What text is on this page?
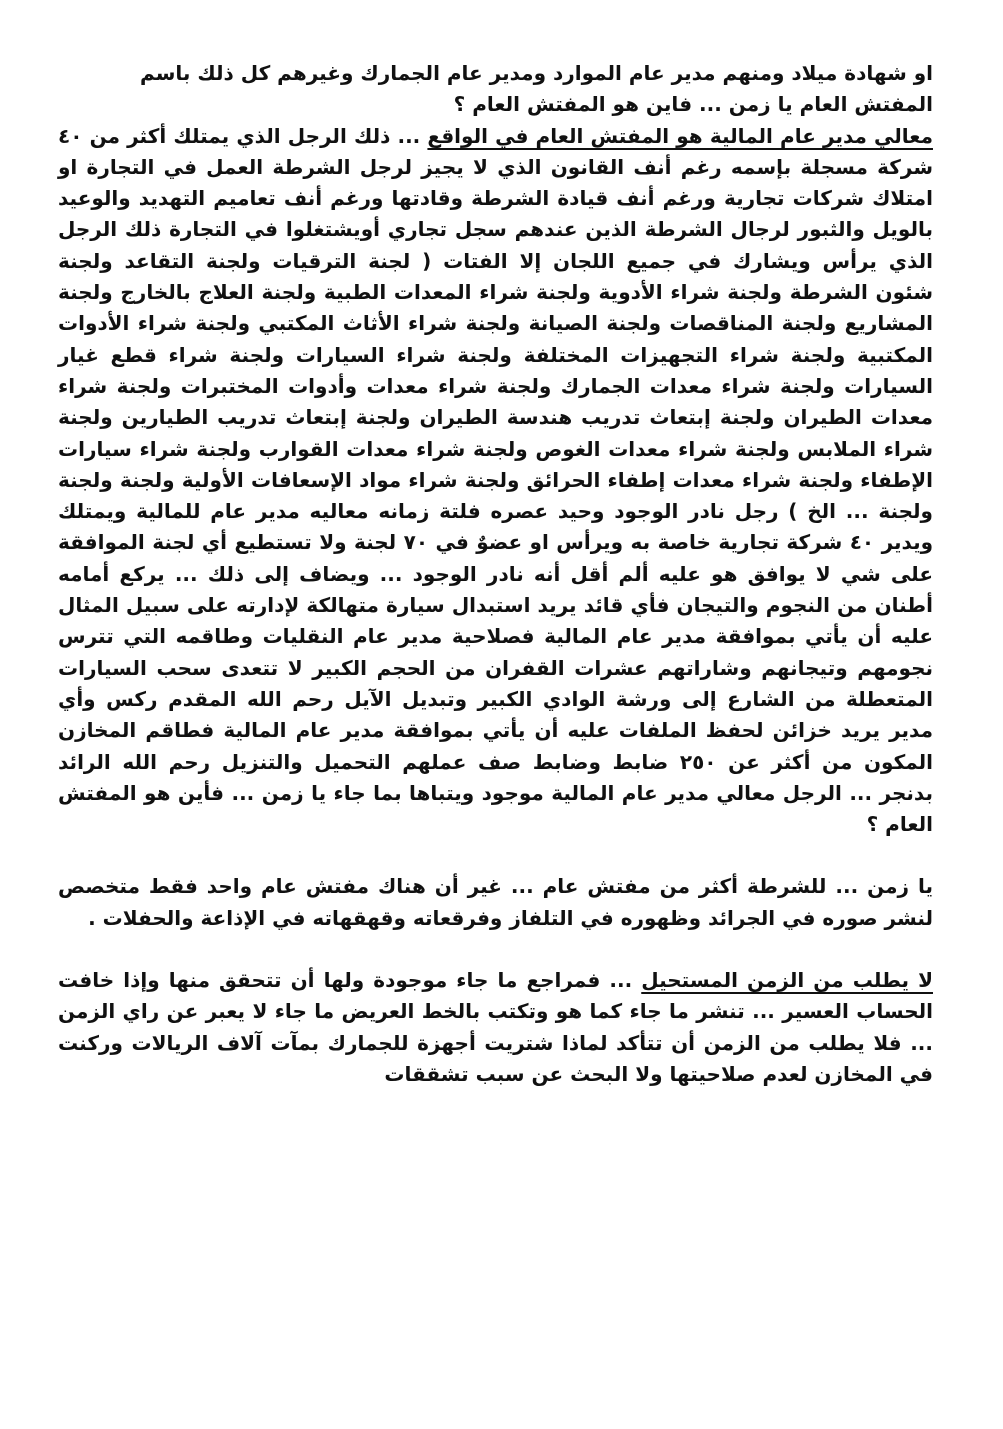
او شهادة ميلاد ومنهم مدير عام الموارد ومدير عام الجمارك وغيرهم كل ذلك باسم
المفتش العام يا زمن ... فاين هو المفتش العام ؟

معالي مدير عام المالية هو المفتش العام في الواقع ... ذلك الرجل الذي يمتلك أكثر من ٤٠ شركة مسجلة بإسمه رغم أنف القانون الذي لا يجيز لرجل الشرطة العمل في التجارة او امتلاك شركات تجارية ورغم أنف قيادة الشرطة وقادتها ورغم أنف تعاميم التهديد والوعيد بالويل والثبور لرجال الشرطة الذين عندهم سجل تجاري أويشتغلوا في التجارة ذلك الرجل الذي يرأس ويشارك في جميع اللجان إلا الفتات ( لجنة الترقيات ولجنة التقاعد ولجنة شئون الشرطة ولجنة شراء الأدوية ولجنة شراء المعدات الطبية ولجنة العلاج بالخارج ولجنة المشاريع ولجنة المناقصات ولجنة الصيانة ولجنة شراء الأثاث المكتبي ولجنة شراء الأدوات المكتبية ولجنة شراء التجهيزات المختلفة ولجنة شراء السيارات ولجنة شراء قطع غيار السيارات ولجنة شراء معدات الجمارك ولجنة شراء معدات وأدوات المختبرات ولجنة شراء معدات الطيران ولجنة إبتعاث تدريب هندسة الطيران ولجنة إبتعاث تدريب الطيارين ولجنة شراء الملابس ولجنة شراء معدات الغوص ولجنة شراء معدات القوارب ولجنة شراء سيارات الإطفاء ولجنة شراء معدات إطفاء الحرائق ولجنة شراء مواد الإسعافات الأولية ولجنة ولجنة ولجنة ... الخ ) رجل نادر الوجود وحيد عصره فلتة زمانه معاليه مدير عام للمالية ويمتلك ويدير ٤٠ شركة تجارية خاصة به ويرأس او عضوٌ في ٧٠ لجنة ولا تستطيع أي لجنة الموافقة على شي لا يوافق هو عليه ألم أقل أنه نادر الوجود ... ويضاف إلى ذلك ... يركع أمامه أطنان من النجوم والتيجان فأي قائد يريد استبدال سيارة متهالكة لإدارته على سبيل المثال عليه أن يأتي بموافقة مدير عام المالية فصلاحية مدير عام النقليات وطاقمه التي تترس نجومهم وتيجانهم وشاراتهم عشرات القفران من الحجم الكبير لا تتعدى سحب السيارات المتعطلة من الشارع إلى ورشة الوادي الكبير وتبديل الآيل رحم الله المقدم ركس وأي مدير يريد خزائن لحفظ الملفات عليه أن يأتي بموافقة مدير عام المالية فطاقم المخازن المكون من أكثر عن ٢٥٠ ضابط وضابط صف عملهم التحميل والتنزيل رحم الله الرائد بدنجر ... الرجل معالي مدير عام المالية موجود ويتباها بما جاء يا زمن ... فأين هو المفتش العام ؟

يا زمن ... للشرطة أكثر من مفتش عام ... غير أن هناك مفتش عام واحد فقط متخصص لنشر صوره في الجرائد وظهوره في التلفاز وفرقعاته وقهقهاته في الإذاعة والحفلات .

لا يطلب من الزمن المستحيل ... فمراجع ما جاء موجودة ولها أن تتحقق منها وإذا خافت الحساب العسير ... تنشر ما جاء كما هو وتكتب بالخط العريض ما جاء لا يعبر عن راي الزمن ... فلا يطلب من الزمن أن تتأكد لماذا شتريت أجهزة للجمارك بمآت آلاف الريالات وركنت في المخازن لعدم صلاحيتها ولا البحث عن سبب تشققات
